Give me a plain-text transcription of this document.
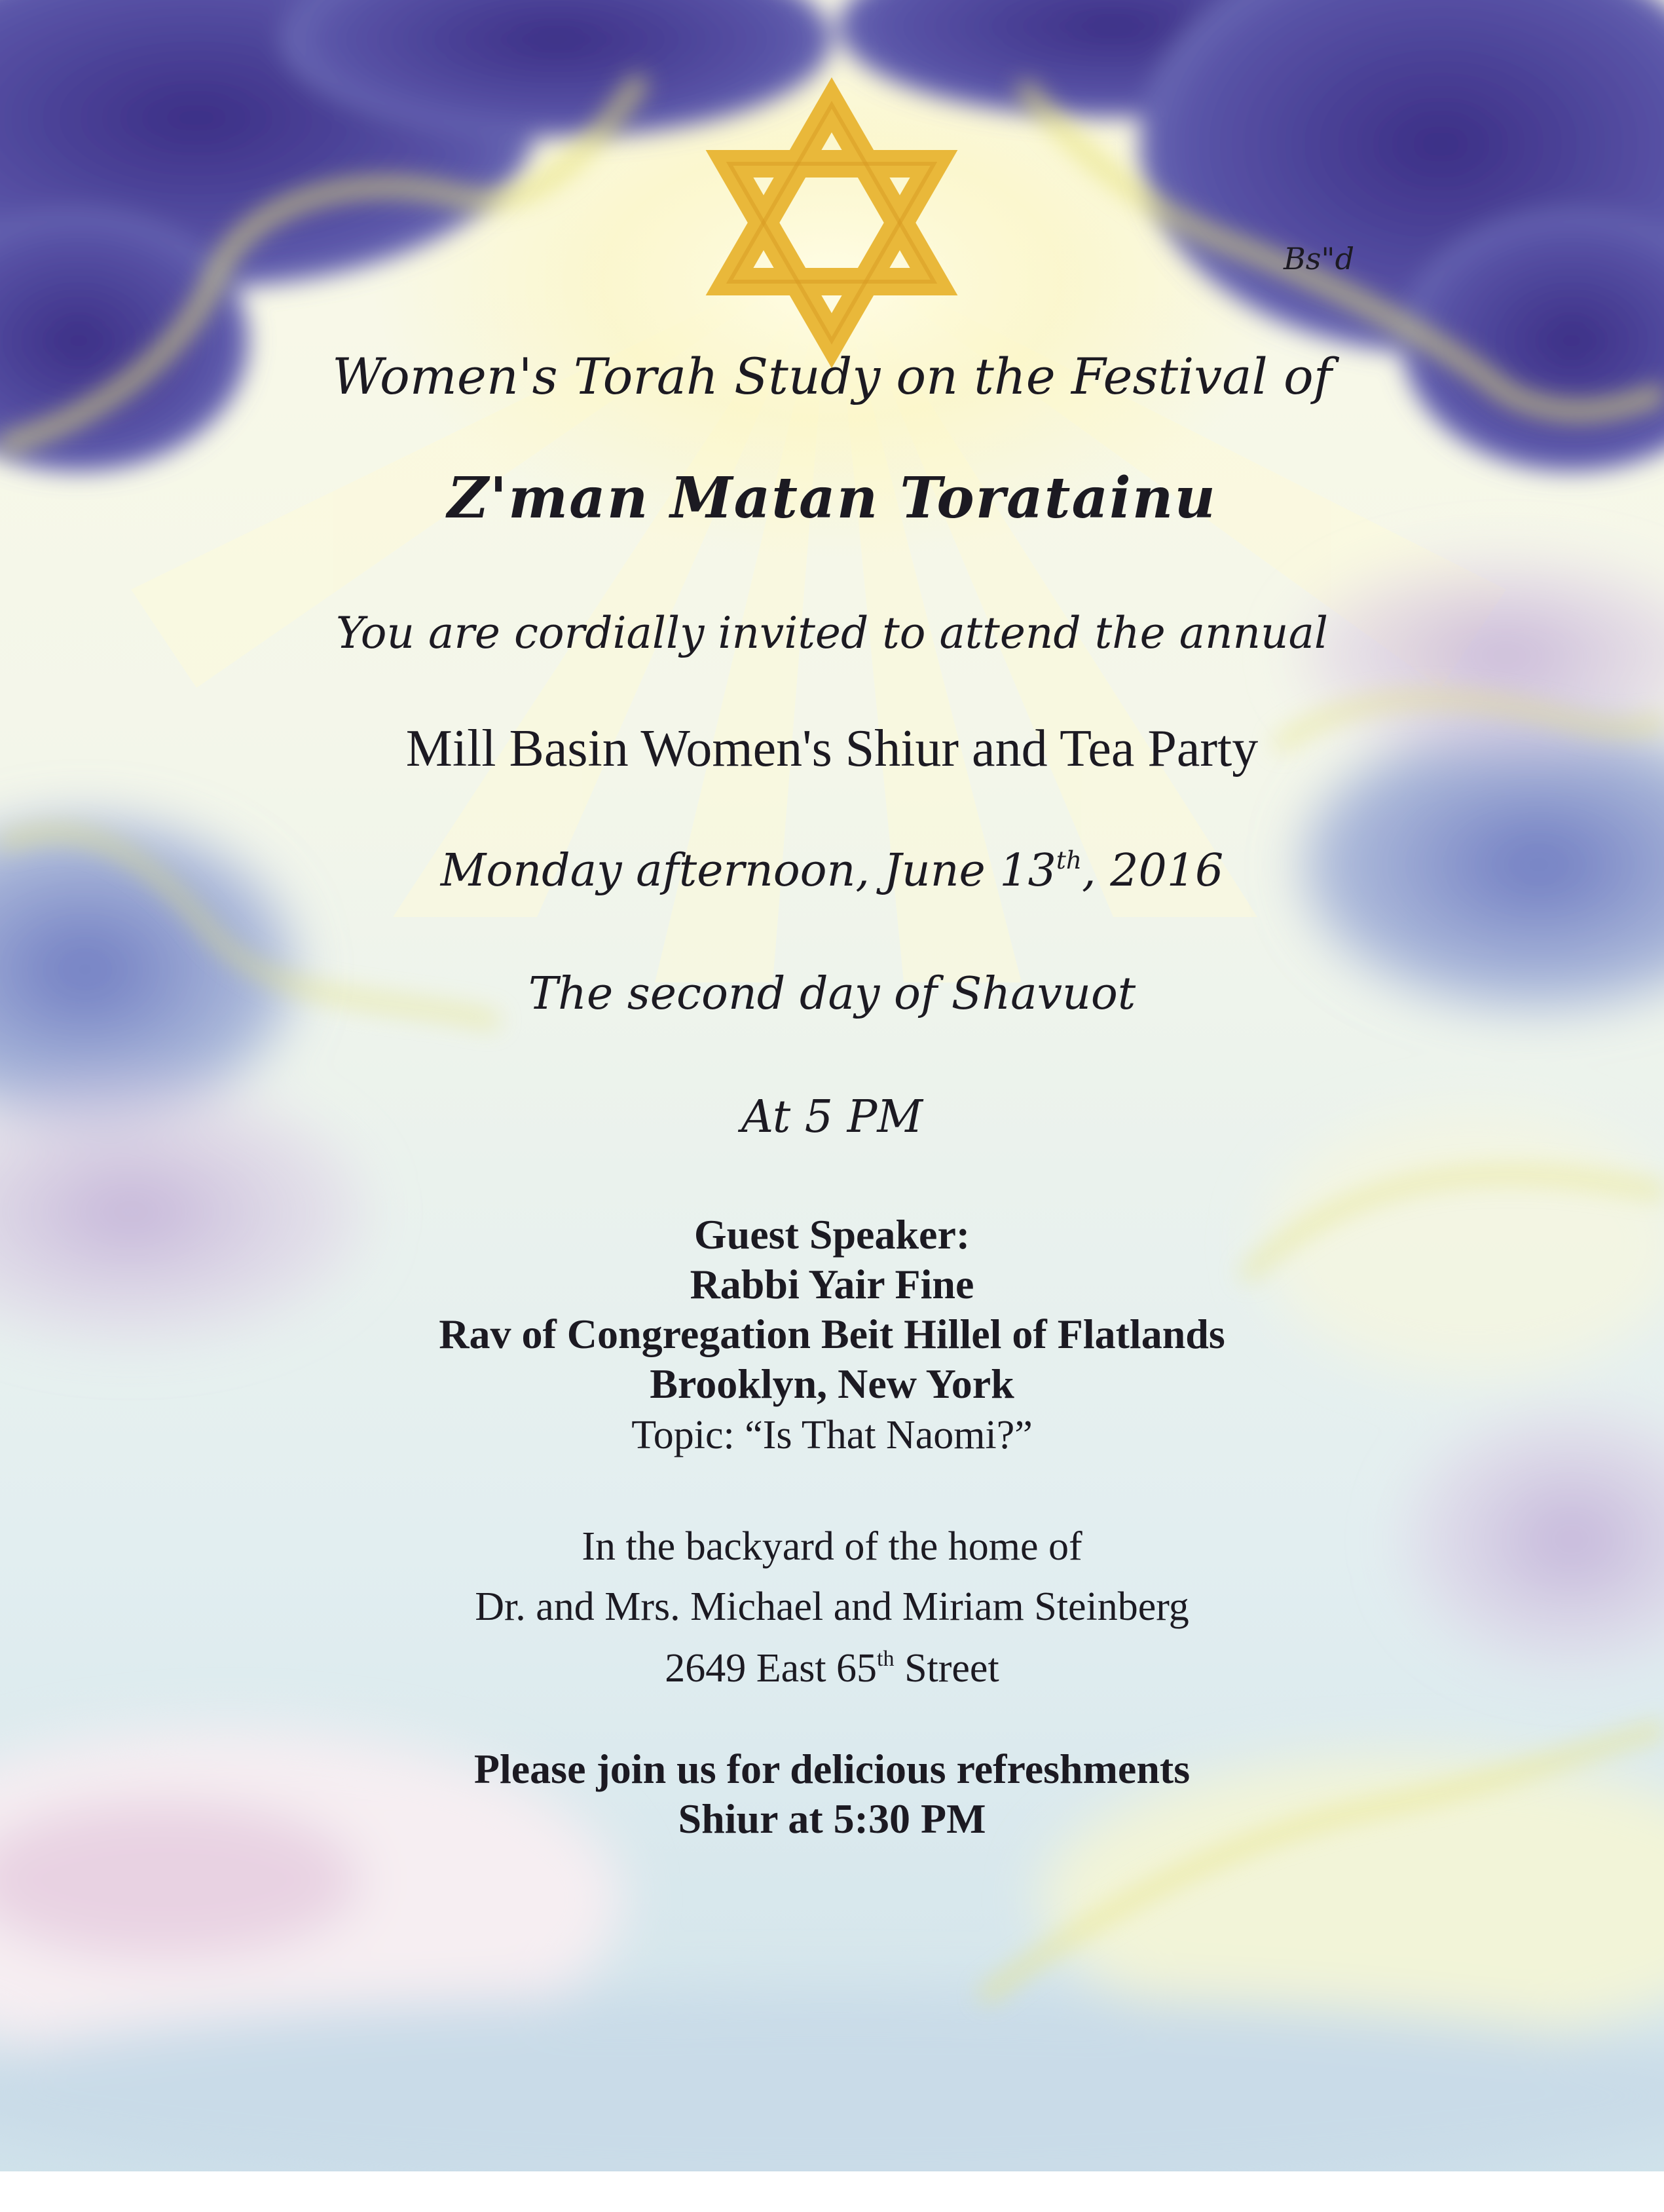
Bs"d
Women's Torah Study on the Festival of
Z'man Matan Toratainu
You are cordially invited to attend the annual
Mill Basin Women's Shiur and Tea Party
Monday afternoon, June 13th, 2016
The second day of Shavuot
At 5 PM
Guest Speaker:
Rabbi Yair Fine
Rav of Congregation Beit Hillel of Flatlands
Brooklyn, New York
Topic: “Is That Naomi?”
In the backyard of the home of
Dr. and Mrs. Michael and Miriam Steinberg
2649 East 65th Street
Please join us for delicious refreshments
Shiur at 5:30 PM
